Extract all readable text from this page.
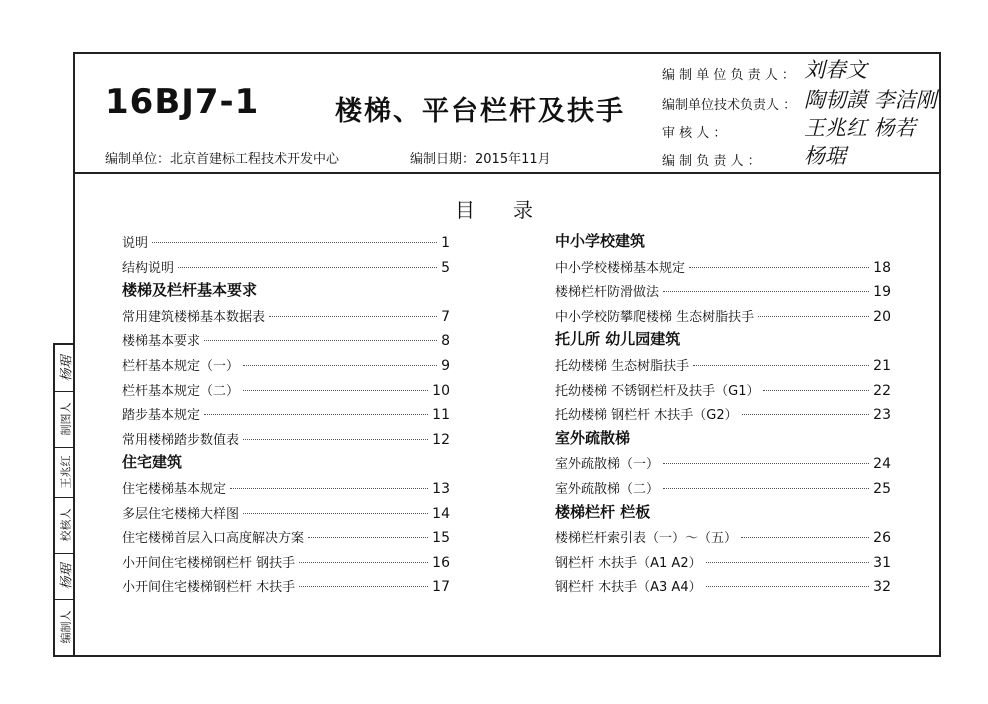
16BJ7-1	楼梯、平台栏杆及扶手
编制单位：北京首建标工程技术开发中心	编制日期：2015年11月
编 制 单 位 负 责 人 ： 刘春文
编制单位技术负责人 ： 陶韧謨 李洁刚
审 核 人 ：	王兆红 杨若
编 制 负 责 人 ： 杨琚
目录
说明	1
结构说明	5
楼梯及栏杆基本要求
常用建筑楼梯基本数据表	7
楼梯基本要求	8
栏杆基本规定（一）	9
栏杆基本规定（二）	10
踏步基本规定	11
常用楼梯踏步数值表	12
住宅建筑
住宅楼梯基本规定	13
多层住宅楼梯大样图	14
住宅楼梯首层入口高度解决方案	15
小开间住宅楼梯钢栏杆 钢扶手	16
小开间住宅楼梯钢栏杆 木扶手	17
中小学校建筑
中小学校楼梯基本规定	18
楼梯栏杆防滑做法	19
中小学校防攀爬楼梯 生态树脂扶手	20
托儿所 幼儿园建筑
托幼楼梯 生态树脂扶手	21
托幼楼梯 不锈钢栏杆及扶手（G1）	22
托幼楼梯 钢栏杆 木扶手（G2）	23
室外疏散梯
室外疏散梯（一）	24
室外疏散梯（二）	25
楼梯栏杆 栏板
楼梯栏杆索引表（一）～（五）	26
钢栏杆 木扶手（A1 A2）	31
钢栏杆 木扶手（A3 A4）	32
杨琚
制图人
王兆红
校核人
杨琚
编制人
